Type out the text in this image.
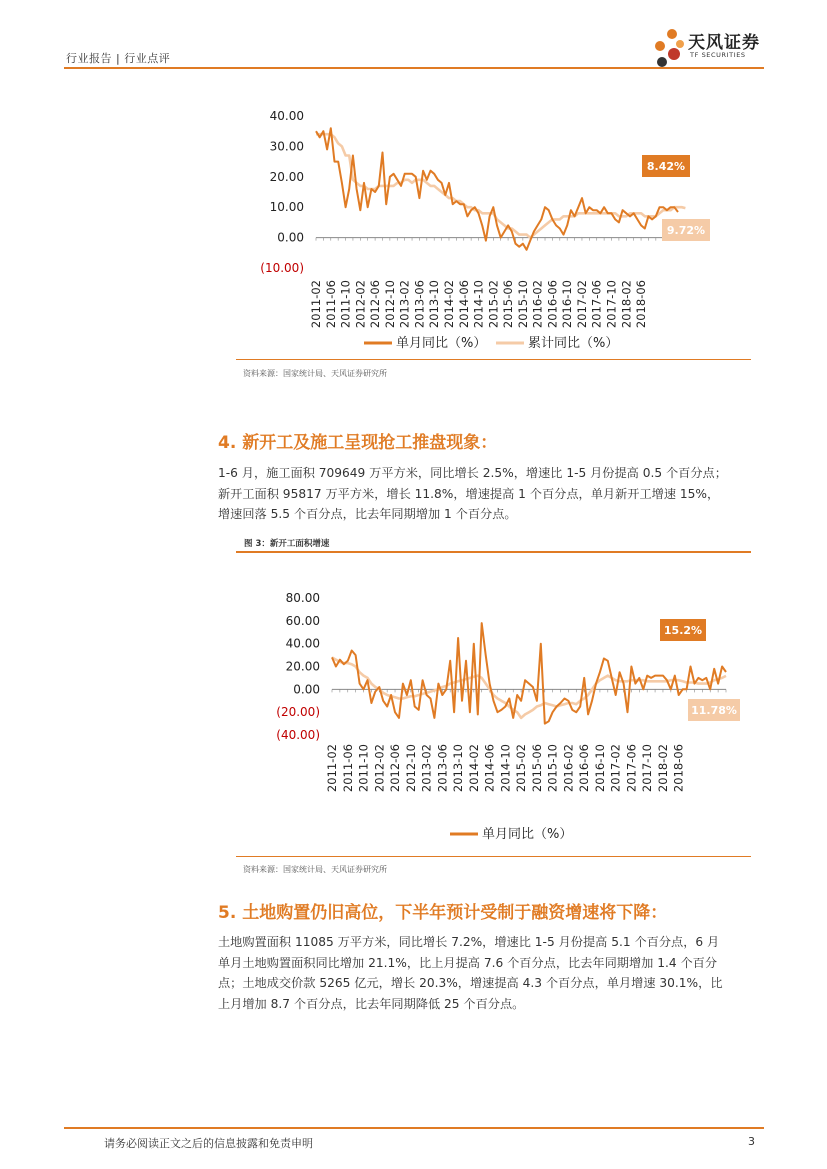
行业报告 | 行业点评
天风证券
TF SECURITIES
40.00
30.00
20.00
10.00
0.00
(10.00)
2011-02 2011-06 2011-10 2012-02 2012-06 2012-10 2013-02 2013-06 2013-10 2014-02 2014-06 2014-10 2015-02 2015-06 2015-10 2016-02 2016-06 2016-10 2017-02 2017-06 2017-10 2018-02 2018-06
8.42%
9.72%
单月同比（%）	累计同比（%）
资料来源：国家统计局、天风证券研究所
4. 新开工及施工呈现抢工推盘现象：
1-6 月，施工面积 709649 万平方米，同比增长 2.5%，增速比 1-5 月份提高 0.5 个百分点；
新开工面积 95817 万平方米，增长 11.8%，增速提高 1 个百分点，单月新开工增速 15%，
增速回落 5.5 个百分点，比去年同期增加 1 个百分点。
图 3：新开工面积增速
80.00
60.00
40.00
20.00
0.00
(20.00)
(40.00)
2011-02 2011-06 2011-10 2012-02 2012-06 2012-10 2013-02 2013-06 2013-10 2014-02 2014-06 2014-10 2015-02 2015-06 2015-10 2016-02 2016-06 2016-10 2017-02 2017-06 2017-10 2018-02 2018-06
15.2%
11.78%
单月同比（%）
资料来源：国家统计局、天风证券研究所
5. 土地购置仍旧高位，下半年预计受制于融资增速将下降：
土地购置面积 11085 万平方米，同比增长 7.2%，增速比 1-5 月份提高 5.1 个百分点，6 月
单月土地购置面积同比增加 21.1%，比上月提高 7.6 个百分点，比去年同期增加 1.4 个百分
点；土地成交价款 5265 亿元，增长 20.3%，增速提高 4.3 个百分点，单月增速 30.1%，比
上月增加 8.7 个百分点，比去年同期降低 25 个百分点。
请务必阅读正文之后的信息披露和免责申明	3
